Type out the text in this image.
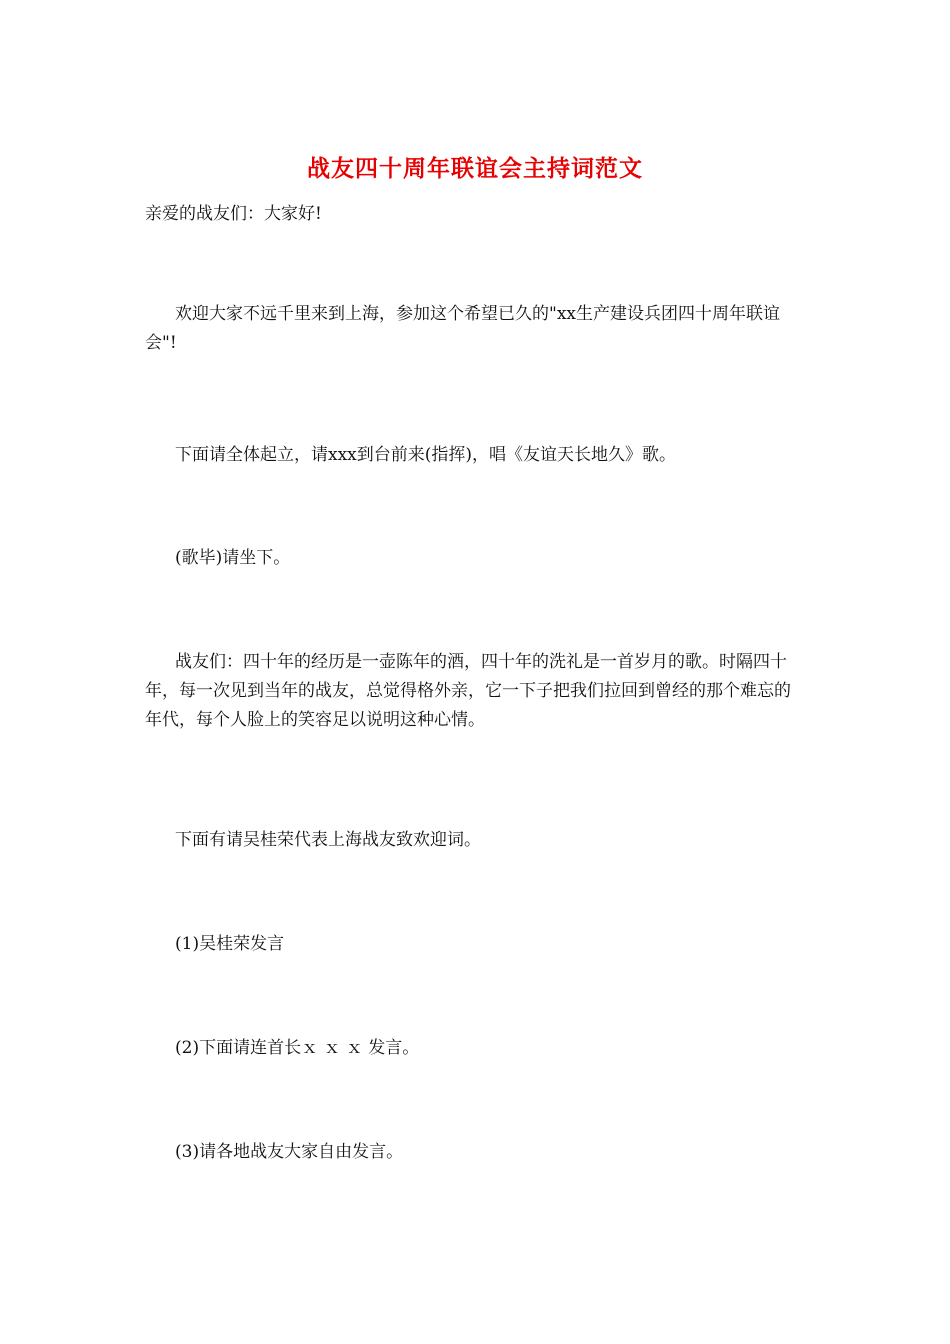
战友四十周年联谊会主持词范文

亲爱的战友们：大家好!

欢迎大家不远千里来到上海，参加这个希望已久的"xx生产建设兵团四十周年联谊会"!

下面请全体起立，请xxx到台前来(指挥)，唱《友谊天长地久》歌。

(歌毕)请坐下。

战友们：四十年的经历是一壶陈年的酒，四十年的洗礼是一首岁月的歌。时隔四十年，每一次见到当年的战友，总觉得格外亲，它一下子把我们拉回到曾经的那个难忘的年代，每个人脸上的笑容足以说明这种心情。

下面有请吴桂荣代表上海战友致欢迎词。

(1)吴桂荣发言

(2)下面请连首长ｘ ｘ ｘ 发言。

(3)请各地战友大家自由发言。
